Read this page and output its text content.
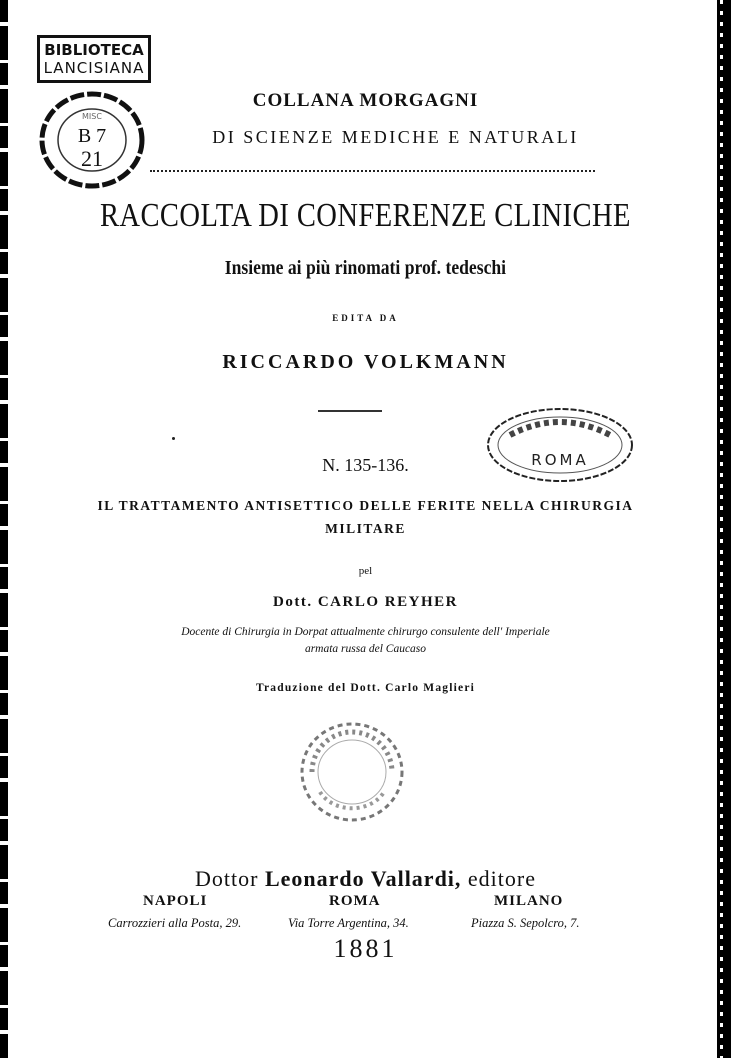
BIBLIOTECA
LANCISIANA
MISC
B 7
21
COLLANA MORGAGNI
DI SCIENZE MEDICHE E NATURALI
RACCOLTA DI CONFERENZE CLINICHE
Insieme ai più rinomati prof. tedeschi
EDITA DA
RICCARDO VOLKMANN
ROMA
N. 135-136.
IL TRATTAMENTO ANTISETTICO DELLE FERITE NELLA CHIRURGIA
MILITARE
pel
Dott. CARLO REYHER
Docente di Chirurgia in Dorpat attualmente chirurgo consulente dell' Imperiale
armata russa del Caucaso
Traduzione del Dott. Carlo Maglieri
Dottor Leonardo Vallardi, editore
NAPOLI	ROMA	MILANO
Carrozzieri alla Posta, 29.	Via Torre Argentina, 34.	Piazza S. Sepolcro, 7.
1881
